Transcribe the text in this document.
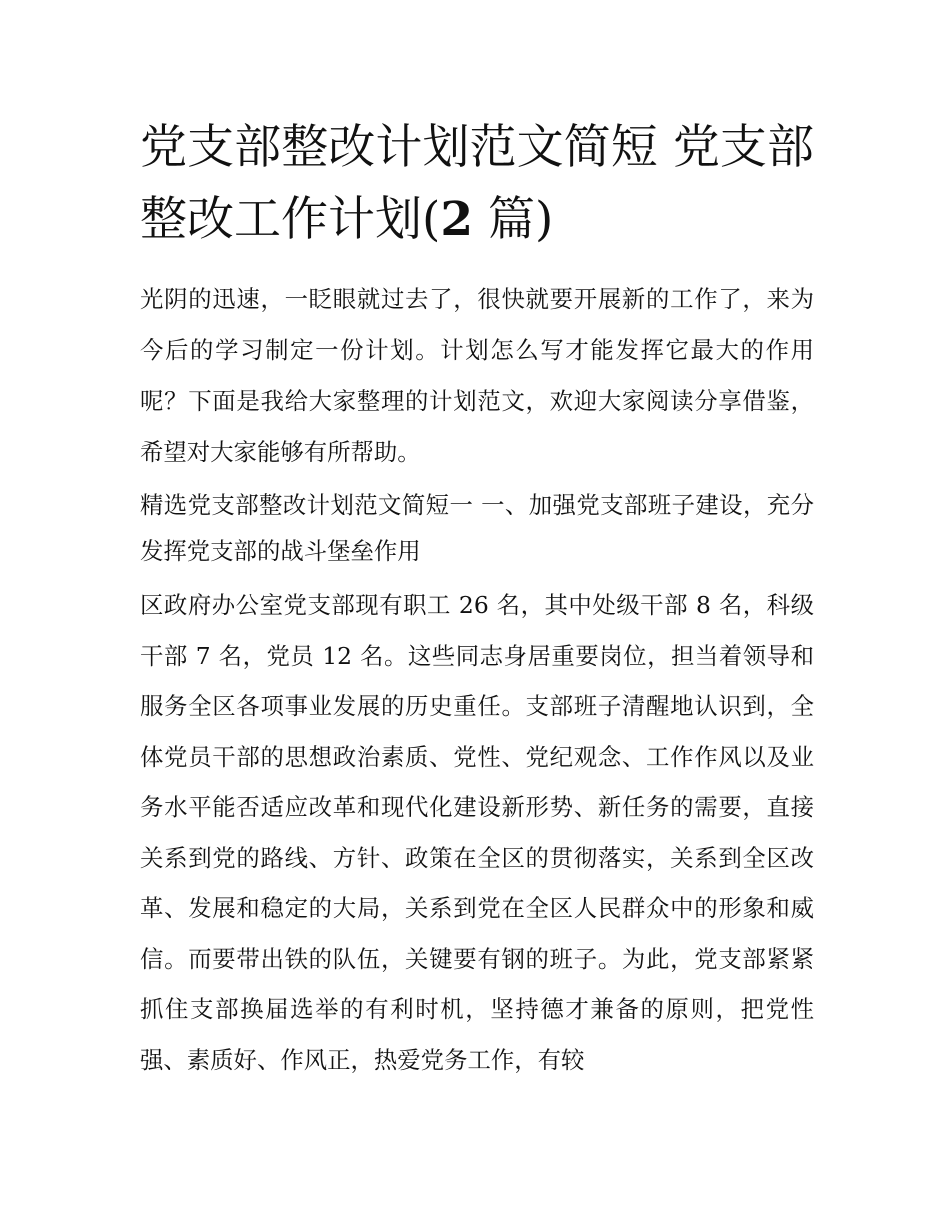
党支部整改计划范文简短 党支部整改工作计划(2 篇)

光阴的迅速，一眨眼就过去了，很快就要开展新的工作了，来为今后的学习制定一份计划。计划怎么写才能发挥它最大的作用呢？下面是我给大家整理的计划范文，欢迎大家阅读分享借鉴，希望对大家能够有所帮助。

精选党支部整改计划范文简短一 一、加强党支部班子建设，充分发挥党支部的战斗堡垒作用

区政府办公室党支部现有职工 26 名，其中处级干部 8 名，科级干部 7 名，党员 12 名。这些同志身居重要岗位，担当着领导和服务全区各项事业发展的历史重任。支部班子清醒地认识到，全体党员干部的思想政治素质、党性、党纪观念、工作作风以及业务水平能否适应改革和现代化建设新形势、新任务的需要，直接关系到党的路线、方针、政策在全区的贯彻落实，关系到全区改革、发展和稳定的大局，关系到党在全区人民群众中的形象和威信。而要带出铁的队伍，关键要有钢的班子。为此，党支部紧紧抓住支部换届选举的有利时机，坚持德才兼备的原则，把党性强、素质好、作风正，热爱党务工作，有较
